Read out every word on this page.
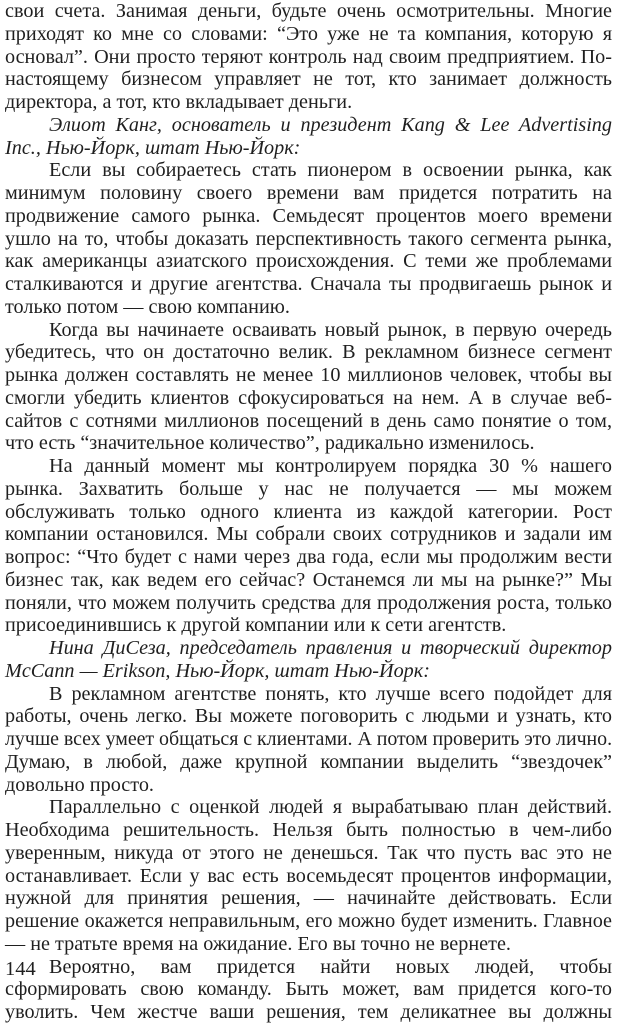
свои счета. Занимая деньги, будьте очень осмотрительны. Многие
приходят ко мне со словами: “Это уже не та компания, которую я
основал”. Они просто теряют контроль над своим предприятием. По-
настоящему бизнесом управляет не тот, кто занимает должность
директора, а тот, кто вкладывает деньги.
Элиот Канг, основатель и президент Kang & Lee Advertising
Inc., Нью-Йорк, штат Нью-Йорк:
Если вы собираетесь стать пионером в освоении рынка, как
минимум половину своего времени вам придется потратить на
продвижение самого рынка. Семьдесят процентов моего времени
ушло на то, чтобы доказать перспективность такого сегмента рынка,
как американцы азиатского происхождения. С теми же проблемами
сталкиваются и другие агентства. Сначала ты продвигаешь рынок и
только потом — свою компанию.
Когда вы начинаете осваивать новый рынок, в первую очередь
убедитесь, что он достаточно велик. В рекламном бизнесе сегмент
рынка должен составлять не менее 10 миллионов человек, чтобы вы
смогли убедить клиентов сфокусироваться на нем. А в случае веб-
сайтов с сотнями миллионов посещений в день само понятие о том,
что есть “значительное количество”, радикально изменилось.
На данный момент мы контролируем порядка 30 % нашего
рынка. Захватить больше у нас не получается — мы можем
обслуживать только одного клиента из каждой категории. Рост
компании остановился. Мы собрали своих сотрудников и задали им
вопрос: “Что будет с нами через два года, если мы продолжим вести
бизнес так, как ведем его сейчас? Останемся ли мы на рынке?” Мы
поняли, что можем получить средства для продолжения роста, только
присоединившись к другой компании или к сети агентств.
Нина ДиСеза, председатель правления и творческий директор
McCann — Erikson, Нью-Йорк, штат Нью-Йорк:
В рекламном агентстве понять, кто лучше всего подойдет для
работы, очень легко. Вы можете поговорить с людьми и узнать, кто
лучше всех умеет общаться с клиентами. А потом проверить это лично.
Думаю, в любой, даже крупной компании выделить “звездочек”
довольно просто.
Параллельно с оценкой людей я вырабатываю план действий.
Необходима решительность. Нельзя быть полностью в чем-либо
уверенным, никуда от этого не денешься. Так что пусть вас это не
останавливает. Если у вас есть восемьдесят процентов информации,
нужной для принятия решения, — начинайте действовать. Если
решение окажется неправильным, его можно будет изменить. Главное
— не тратьте время на ожидание. Его вы точно не вернете.
Вероятно, вам придется найти новых людей, чтобы
сформировать свою команду. Быть может, вам придется кого-то
уволить. Чем жестче ваши решения, тем деликатнее вы должны
144
